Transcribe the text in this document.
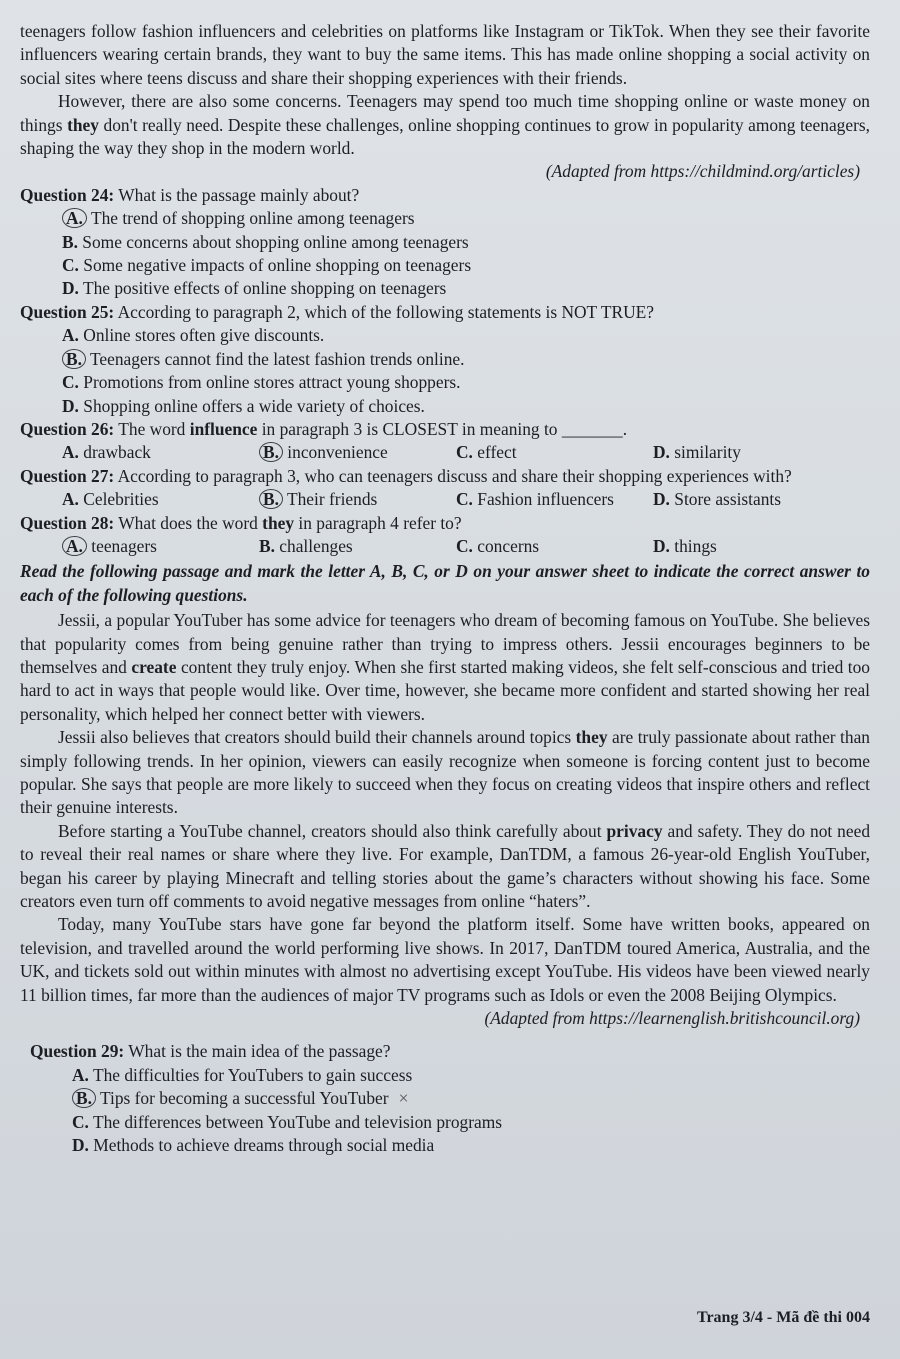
teenagers follow fashion influencers and celebrities on platforms like Instagram or TikTok. When they see their favorite influencers wearing certain brands, they want to buy the same items. This has made online shopping a social activity on social sites where teens discuss and share their shopping experiences with their friends.

However, there are also some concerns. Teenagers may spend too much time shopping online or waste money on things they don't really need. Despite these challenges, online shopping continues to grow in popularity among teenagers, shaping the way they shop in the modern world.

(Adapted from https://childmind.org/articles)

Question 24: What is the passage mainly about?

A. The trend of shopping online among teenagers
B. Some concerns about shopping online among teenagers
C. Some negative impacts of online shopping on teenagers
D. The positive effects of online shopping on teenagers

Question 25: According to paragraph 2, which of the following statements is NOT TRUE?

A. Online stores often give discounts.
B. Teenagers cannot find the latest fashion trends online.
C. Promotions from online stores attract young shoppers.
D. Shopping online offers a wide variety of choices.

Question 26: The word influence in paragraph 3 is CLOSEST in meaning to _______.

A. drawback	B. inconvenience	C. effect	D. similarity

Question 27: According to paragraph 3, who can teenagers discuss and share their shopping experiences with?

A. Celebrities	B. Their friends	C. Fashion influencers	D. Store assistants

Question 28: What does the word they in paragraph 4 refer to?

A. teenagers	B. challenges	C. concerns	D. things

Read the following passage and mark the letter A, B, C, or D on your answer sheet to indicate the correct answer to each of the following questions.

Jessii, a popular YouTuber has some advice for teenagers who dream of becoming famous on YouTube. She believes that popularity comes from being genuine rather than trying to impress others. Jessii encourages beginners to be themselves and create content they truly enjoy. When she first started making videos, she felt self-conscious and tried too hard to act in ways that people would like. Over time, however, she became more confident and started showing her real personality, which helped her connect better with viewers.

Jessii also believes that creators should build their channels around topics they are truly passionate about rather than simply following trends. In her opinion, viewers can easily recognize when someone is forcing content just to become popular. She says that people are more likely to succeed when they focus on creating videos that inspire others and reflect their genuine interests.

Before starting a YouTube channel, creators should also think carefully about privacy and safety. They do not need to reveal their real names or share where they live. For example, DanTDM, a famous 26-year-old English YouTuber, began his career by playing Minecraft and telling stories about the game’s characters without showing his face. Some creators even turn off comments to avoid negative messages from online “haters”.

Today, many YouTube stars have gone far beyond the platform itself. Some have written books, appeared on television, and travelled around the world performing live shows. In 2017, DanTDM toured America, Australia, and the UK, and tickets sold out within minutes with almost no advertising except YouTube. His videos have been viewed nearly 11 billion times, far more than the audiences of major TV programs such as Idols or even the 2008 Beijing Olympics.

(Adapted from https://learnenglish.britishcouncil.org)

Question 29: What is the main idea of the passage?

A. The difficulties for YouTubers to gain success
B. Tips for becoming a successful YouTuber ×
C. The differences between YouTube and television programs
D. Methods to achieve dreams through social media
Trang 3/4 - Mã đề thi 004
